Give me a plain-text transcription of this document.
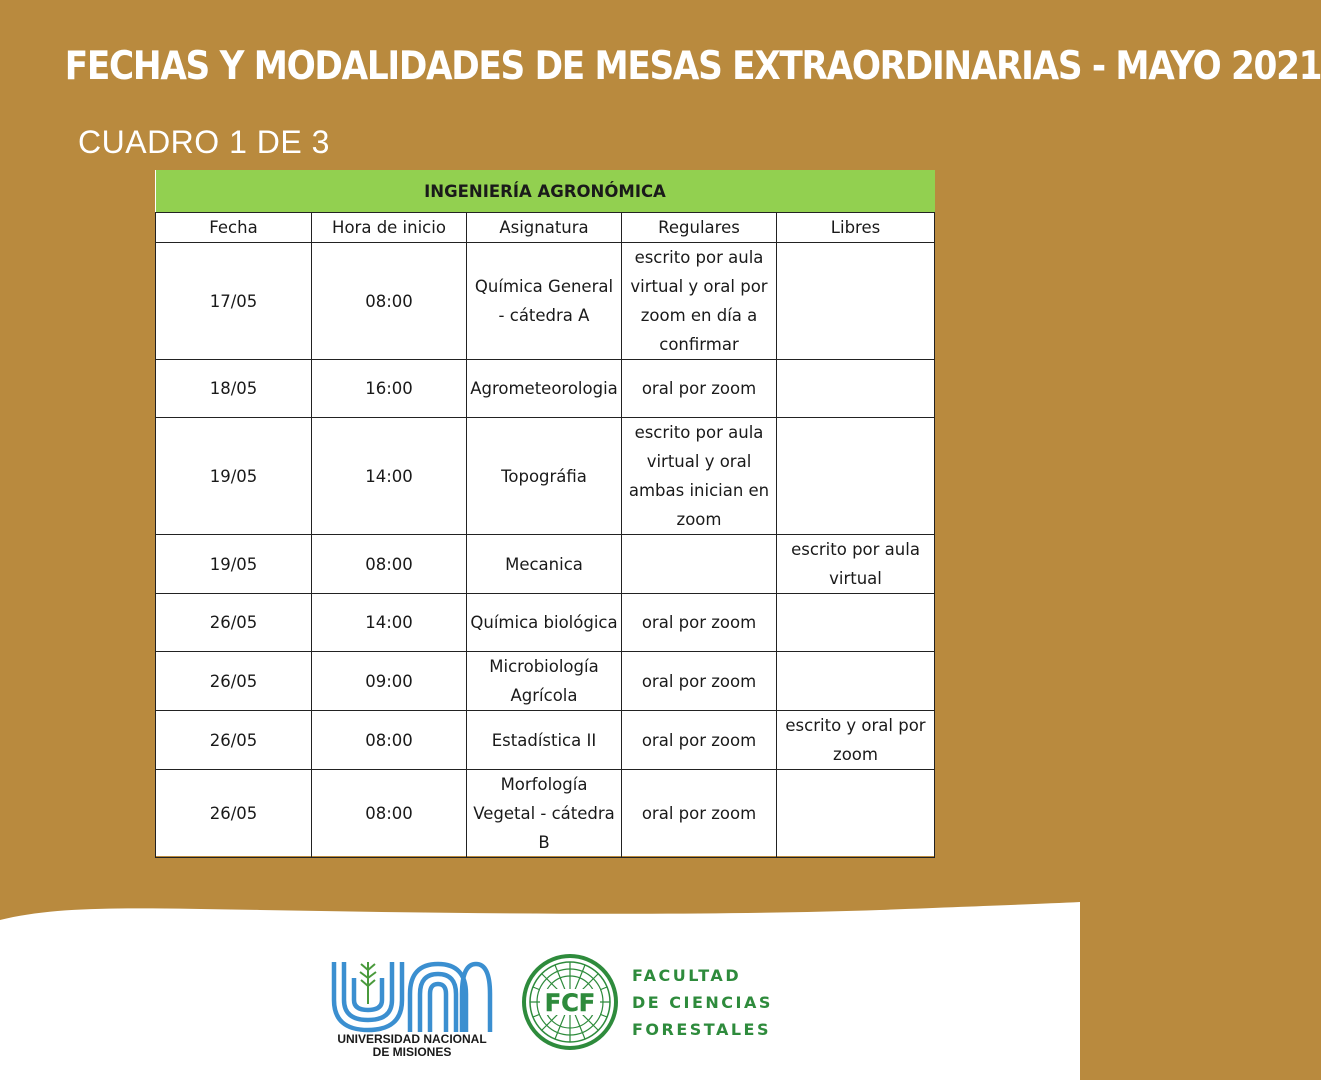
FECHAS Y MODALIDADES DE MESAS EXTRAORDINARIAS - MAYO 2021
CUADRO 1 DE 3
INGENIERÍA AGRONÓMICA				
Fecha	Hora de inicio	Asignatura	Regulares	Libres
17/05	08:00	Química General - cátedra A	escrito por aula virtual y oral por zoom en día a confirmar	
18/05	16:00	Agrometeorologia	oral por zoom	
19/05	14:00	Topográfia	escrito por aula virtual y oral ambas inician en zoom	
19/05	08:00	Mecanica		escrito por aula virtual
26/05	14:00	Química biológica	oral por zoom	
26/05	09:00	Microbiología Agrícola	oral por zoom	
26/05	08:00	Estadística II	oral por zoom	escrito y oral por zoom
26/05	08:00	Morfología Vegetal - cátedra B	oral por zoom	
UNIVERSIDAD NACIONAL
DE MISIONES
FCF
FACULTAD
DE CIENCIAS
FORESTALES
